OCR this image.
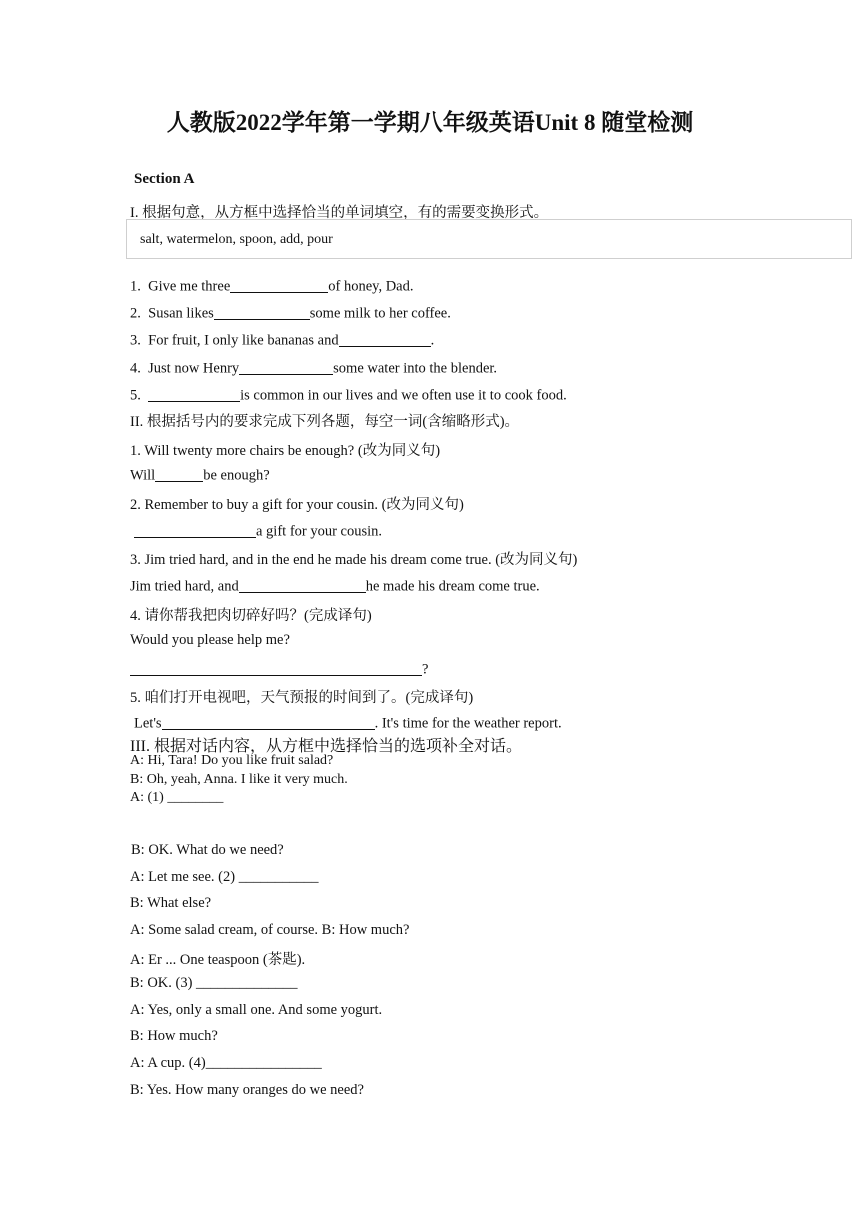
人教版2022学年第一学期八年级英语Unit 8 随堂检测
Section A
I. 根据句意，从方框中选择恰当的单词填空，有的需要变换形式。
salt, watermelon, spoon, add, pour
1. Give me three	of honey, Dad.
2. Susan likes	some milk to her coffee.
3. For fruit, I only like bananas and	.
4. Just now Henry	some water into the blender.
5.	is common in our lives and we often use it to cook food.
II. 根据括号内的要求完成下列各题，每空一词(含缩略形式)。
1. Will twenty more chairs be enough? (改为同义句)
Will	be enough?
2. Remember to buy a gift for your cousin. (改为同义句)
a gift for your cousin.
3. Jim tried hard, and in the end he made his dream come true. (改为同义句)
Jim tried hard, and	he made his dream come true.
4. 请你帮我把肉切碎好吗？(完成译句)
Would you please help me?
?
5. 咱们打开电视吧，天气预报的时间到了。(完成译句)
Let's	. It's time for the weather report.
III. 根据对话内容，从方框中选择恰当的选项补全对话。
A: Hi, Tara! Do you like fruit salad?
B: Oh, yeah, Anna. I like it very much.
A: (1) ________
B: OK. What do we need?
A: Let me see. (2) ___________
B: What else?
A: Some salad cream, of course. B: How much?
A: Er ... One teaspoon (茶匙).
B: OK. (3) ______________
A: Yes, only a small one. And some yogurt.
B: How much?
A: A cup. (4)________________
B: Yes. How many oranges do we need?
